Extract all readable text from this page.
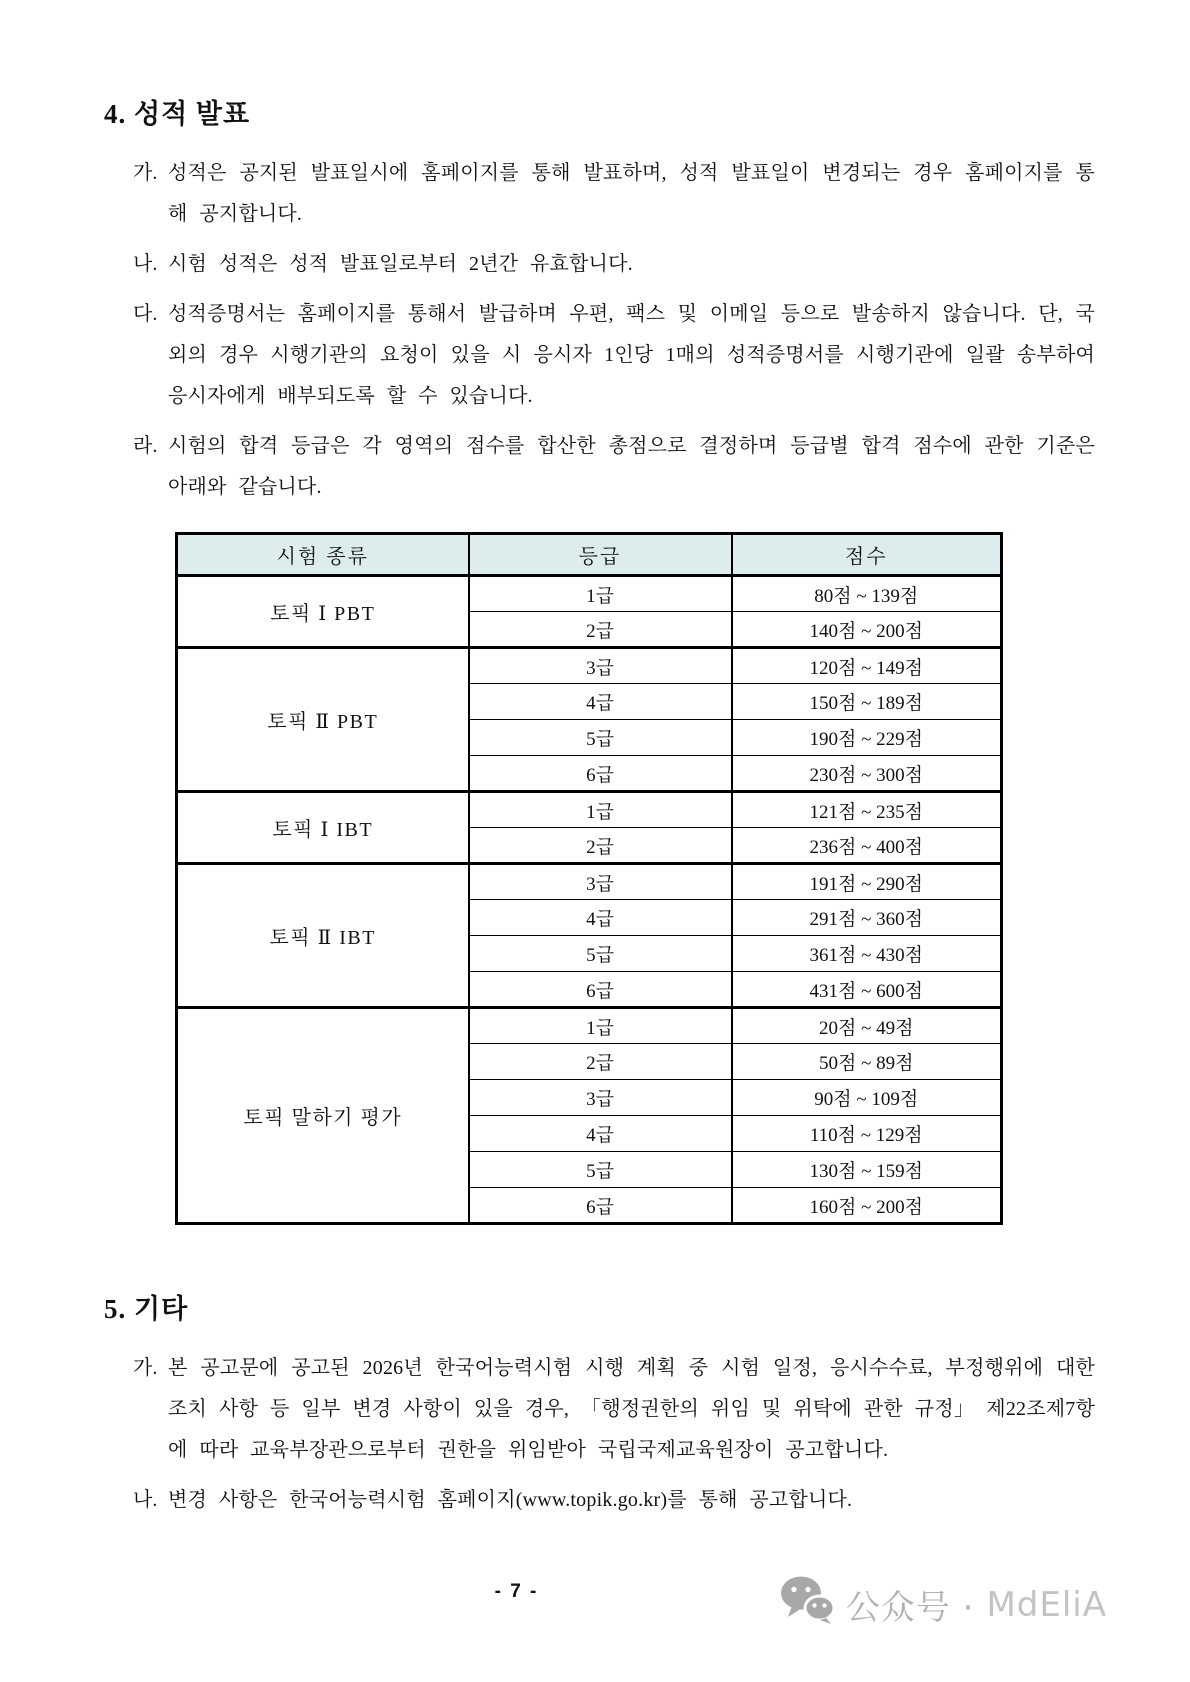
4. 성적 발표
가. 성적은 공지된 발표일시에 홈페이지를 통해 발표하며, 성적 발표일이 변경되는 경우 홈페이지를 통해 공지합니다.

나. 시험 성적은 성적 발표일로부터 2년간 유효합니다.

다. 성적증명서는 홈페이지를 통해서 발급하며 우편, 팩스 및 이메일 등으로 발송하지 않습니다. 단, 국외의 경우 시행기관의 요청이 있을 시 응시자 1인당 1매의 성적증명서를 시행기관에 일괄 송부하여 응시자에게 배부되도록 할 수 있습니다.

라. 시험의 합격 등급은 각 영역의 점수를 합산한 총점으로 결정하며 등급별 합격 점수에 관한 기준은 아래와 같습니다.

시험 종류	등급	점수
토픽 Ⅰ PBT	1급	80점 ~ 139점
	2급	140점 ~ 200점
토픽 Ⅱ PBT	3급	120점 ~ 149점
	4급	150점 ~ 189점
	5급	190점 ~ 229점
	6급	230점 ~ 300점
토픽 Ⅰ IBT	1급	121점 ~ 235점
	2급	236점 ~ 400점
토픽 Ⅱ IBT	3급	191점 ~ 290점
	4급	291점 ~ 360점
	5급	361점 ~ 430점
	6급	431점 ~ 600점
토픽 말하기 평가	1급	20점 ~ 49점
	2급	50점 ~ 89점
	3급	90점 ~ 109점
	4급	110점 ~ 129점
	5급	130점 ~ 159점
	6급	160점 ~ 200점
5. 기타
가. 본 공고문에 공고된 2026년 한국어능력시험 시행 계획 중 시험 일정, 응시수수료, 부정행위에 대한 조치 사항 등 일부 변경 사항이 있을 경우, 「행정권한의 위임 및 위탁에 관한 규정」 제22조제7항에 따라 교육부장관으로부터 권한을 위임받아 국립국제교육원장이 공고합니다.

나. 변경 사항은 한국어능력시험 홈페이지(www.topik.go.kr)를 통해 공고합니다.

- 7 -	公众号 · MdEliA
